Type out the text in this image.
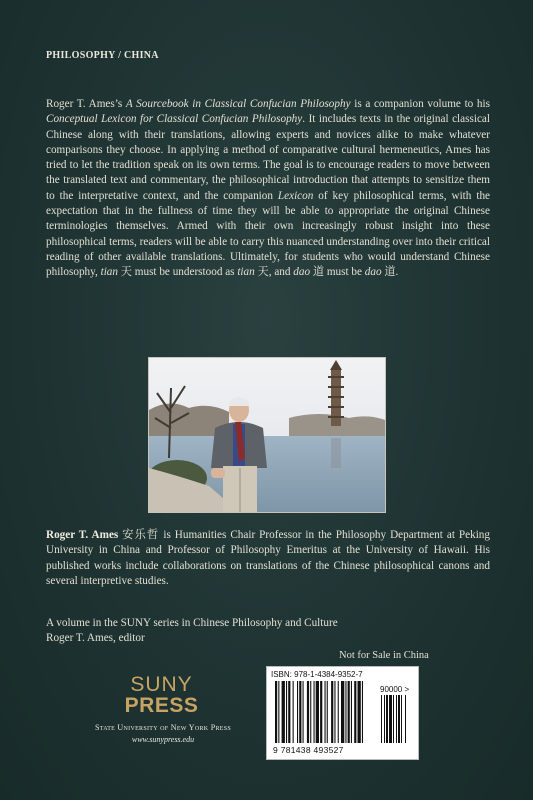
PHILOSOPHY / CHINA
Roger T. Ames’s A Sourcebook in Classical Confucian Philosophy is a companion volume to his Conceptual Lexicon for Classical Confucian Philosophy. It includes texts in the original classical Chinese along with their translations, allowing experts and novices alike to make whatever comparisons they choose. In applying a method of comparative cultural hermeneutics, Ames has tried to let the tradition speak on its own terms. The goal is to encourage readers to move between the translated text and commentary, the philosophical introduction that attempts to sensitize them to the interpretative context, and the companion Lexicon of key philosophical terms, with the expectation that in the fullness of time they will be able to appropriate the original Chinese terminologies themselves. Armed with their own increasingly robust insight into these philosophical terms, readers will be able to carry this nuanced understanding over into their critical reading of other available translations. Ultimately, for students who would understand Chinese philosophy, tian 天 must be understood as tian 天, and dao 道 must be dao 道.
Roger T. Ames 安乐哲 is Humanities Chair Professor in the Philosophy Department at Peking University in China and Professor of Philosophy Emeritus at the University of Hawaii. His published works include collaborations on translations of the Chinese philosophical canons and several interpretive studies.
A volume in the SUNY series in Chinese Philosophy and Culture
Roger T. Ames, editor
Not for Sale in China
ISBN: 978-1-4384-9352-7
90000 >
9 781438 493527
SUNY
PRESS
State University of New York Press
www.sunypress.edu
